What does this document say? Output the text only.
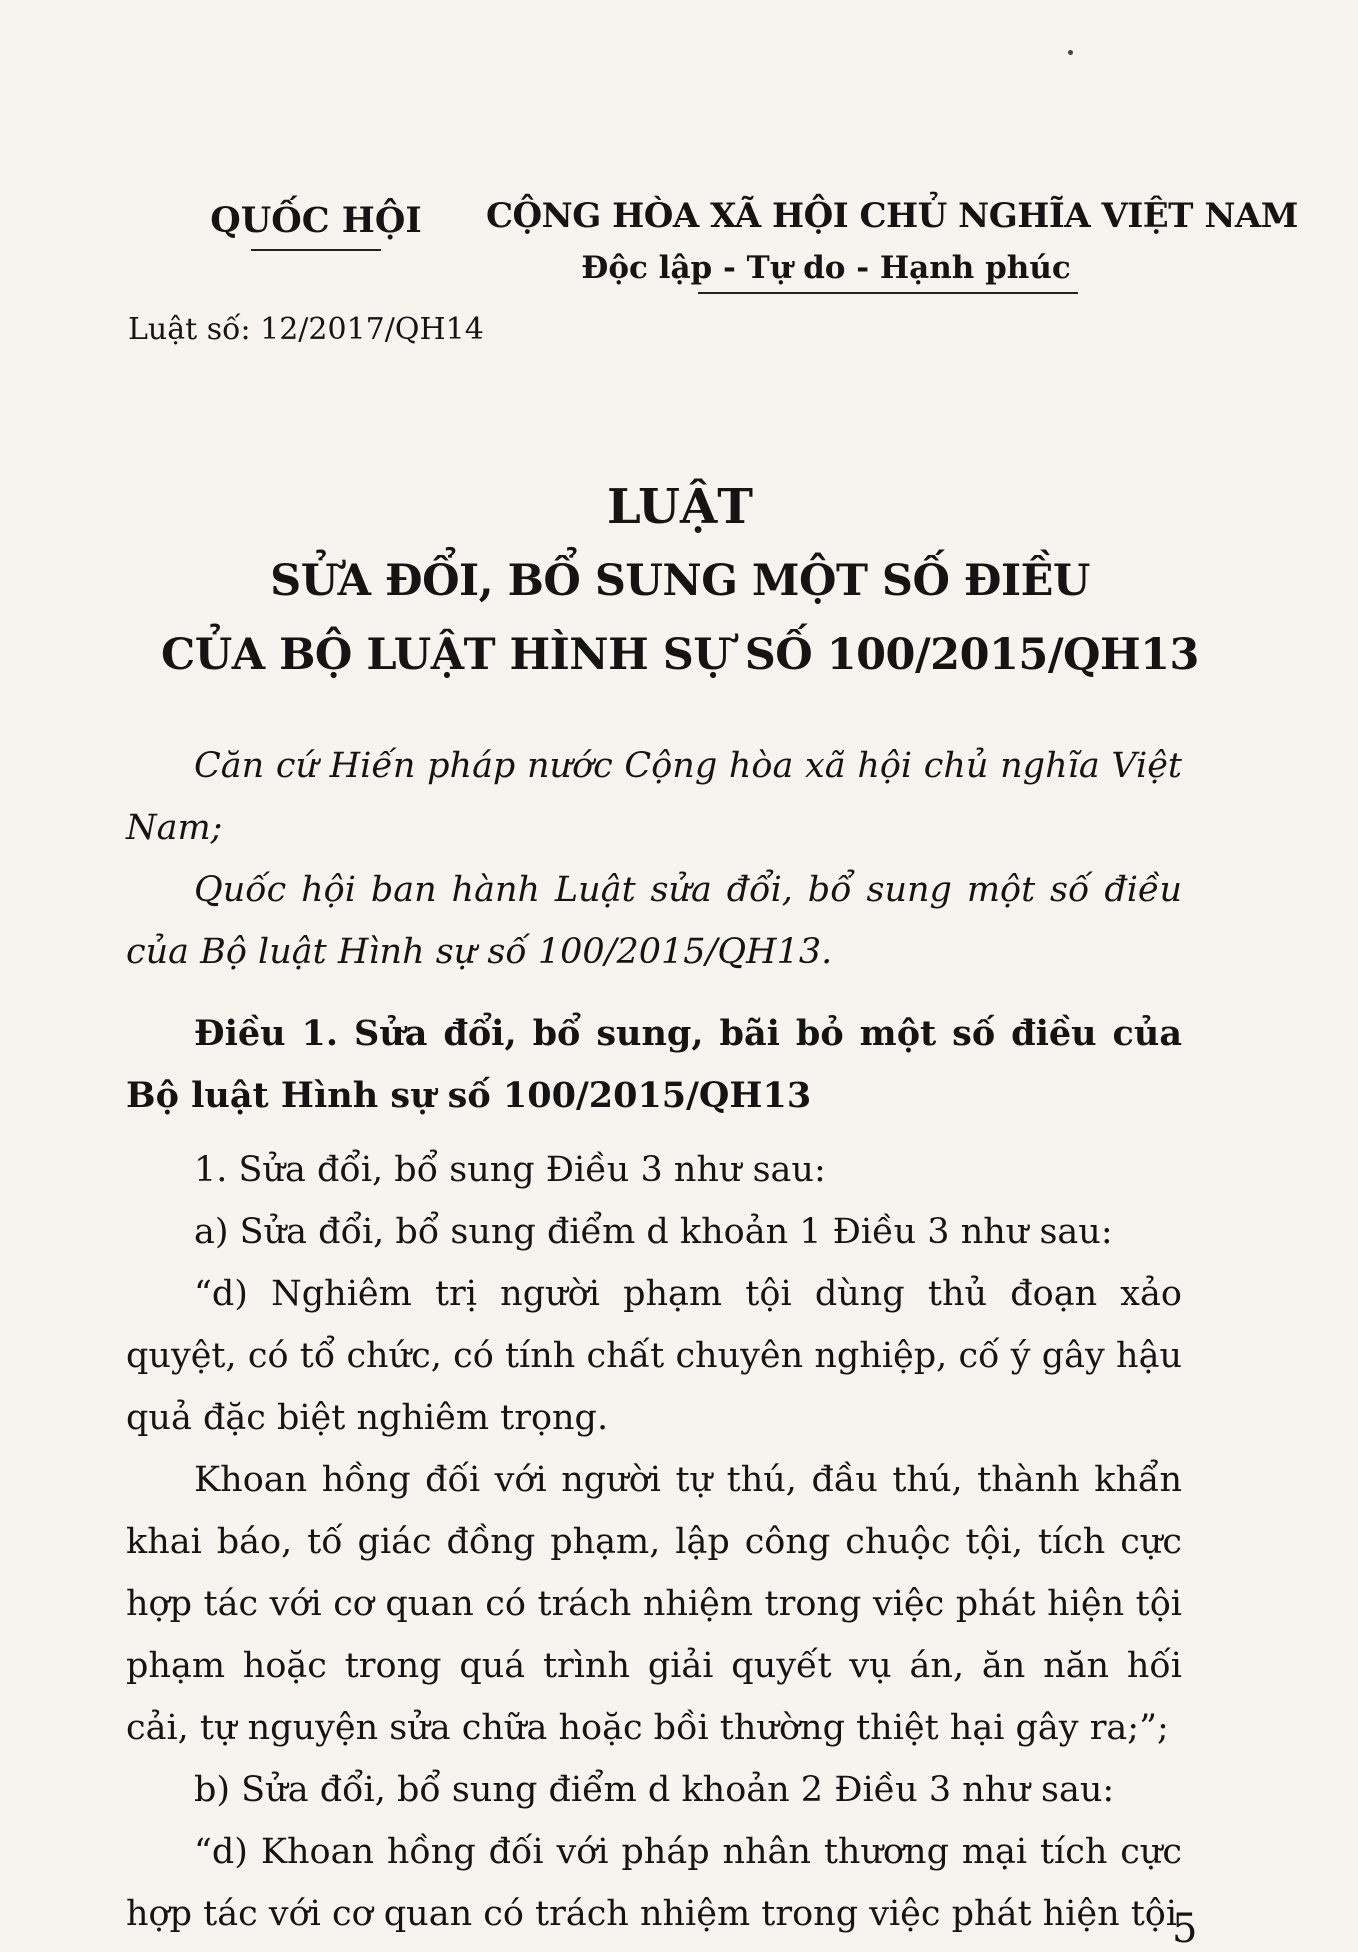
QUỐC HỘI	CỘNG HÒA XÃ HỘI CHỦ NGHĨA VIỆT NAM
Độc lập - Tự do - Hạnh phúc
Luật số: 12/2017/QH14
LUẬT
SỬA ĐỔI, BỔ SUNG MỘT SỐ ĐIỀU
CỦA BỘ LUẬT HÌNH SỰ SỐ 100/2015/QH13

Căn cứ Hiến pháp nước Cộng hòa xã hội chủ nghĩa Việt Nam;

Quốc hội ban hành Luật sửa đổi, bổ sung một số điều của Bộ luật Hình sự số 100/2015/QH13.

Điều 1. Sửa đổi, bổ sung, bãi bỏ một số điều của Bộ luật Hình sự số 100/2015/QH13

1. Sửa đổi, bổ sung Điều 3 như sau:

a) Sửa đổi, bổ sung điểm d khoản 1 Điều 3 như sau:

“d) Nghiêm trị người phạm tội dùng thủ đoạn xảo quyệt, có tổ chức, có tính chất chuyên nghiệp, cố ý gây hậu quả đặc biệt nghiêm trọng.

Khoan hồng đối với người tự thú, đầu thú, thành khẩn khai báo, tố giác đồng phạm, lập công chuộc tội, tích cực hợp tác với cơ quan có trách nhiệm trong việc phát hiện tội phạm hoặc trong quá trình giải quyết vụ án, ăn năn hối cải, tự nguyện sửa chữa hoặc bồi thường thiệt hại gây ra;”;

b) Sửa đổi, bổ sung điểm d khoản 2 Điều 3 như sau:

“d) Khoan hồng đối với pháp nhân thương mại tích cực hợp tác với cơ quan có trách nhiệm trong việc phát hiện tội

5
